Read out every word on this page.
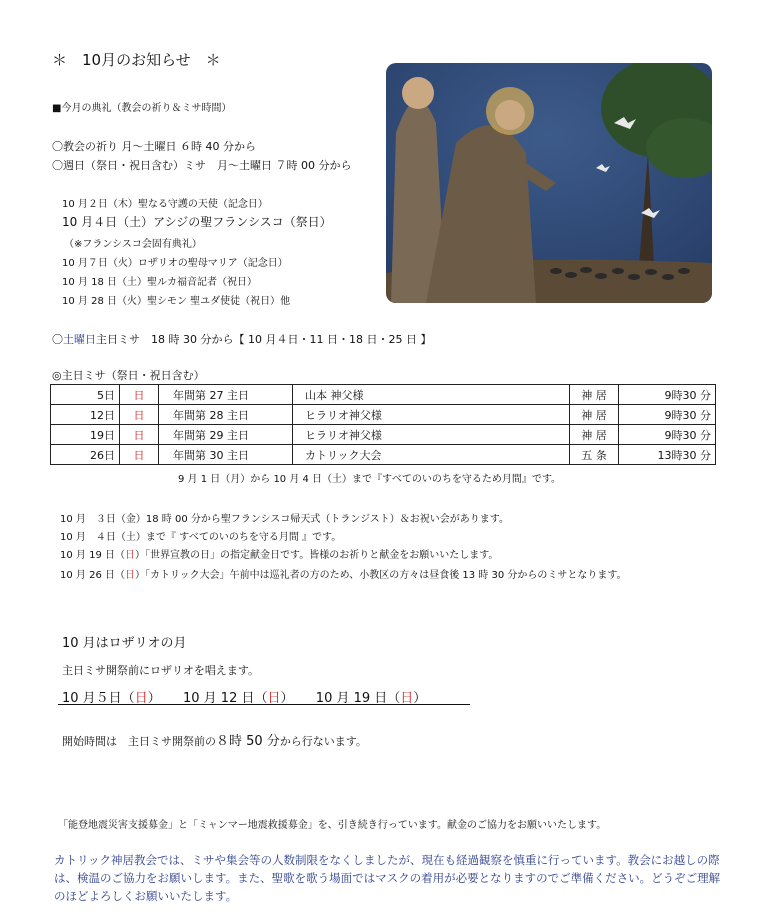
＊　10月のお知らせ　＊
■今月の典礼（教会の祈り＆ミサ時間）
〇教会の祈り 月〜土曜日 ６時 40 分から
〇週日（祭日・祝日含む）ミサ　月〜土曜日 ７時 00 分から
10 月２日（木）聖なる守護の天使（記念日）
10 月４日（土）アシジの聖フランシスコ（祭日）
（※フランシスコ会固有典礼）
10 月７日（火）ロザリオの聖母マリア（記念日）
10 月 18 日（土）聖ルカ福音記者（祝日）
10 月 28 日（火）聖シモン 聖ユダ使徒（祝日）他
〇土曜日主日ミサ　18 時 30 分から【 10 月４日・11 日・18 日・25 日 】
◎主日ミサ（祭日・祝日含む）
5日	日	年間第 27 主日	山本 神父様	神 居	9時30 分
12日	日	年間第 28 主日	ヒラリオ神父様	神 居	9時30 分
19日	日	年間第 29 主日	ヒラリオ神父様	神 居	9時30 分
26日	日	年間第 30 主日	カトリック大会	五 条	13時30 分
9 月 1 日（月）から 10 月 4 日（土）まで『すべてのいのちを守るため月間』です。
10 月　３日（金）18 時 00 分から聖フランシスコ帰天式（トランジスト）＆お祝い会があります。
10 月　４日（土）まで『 すべてのいのちを守る月間 』です。
10 月 19 日（日）「世界宣教の日」の指定献金日です。皆様のお祈りと献金をお願いいたします。
10 月 26 日（日）「カトリック大会」午前中は巡礼者の方のため、小教区の方々は昼食後 13 時 30 分からのミサとなります。
10 月はロザリオの月
主日ミサ開祭前にロザリオを唱えます。
10 月５日（日） 10 月 12 日（日） 10 月 19 日（日）
開始時間は　主日ミサ開祭前の８時 50 分から行ないます。
「能登地震災害支援募金」と「ミャンマー地震救援募金」を、引き続き行っています。献金のご協力をお願いいたします。
カトリック神居教会では、ミサや集会等の人数制限をなくしましたが、現在も経過観察を慎重に行っています。教会にお越しの際は、検温のご協力をお願いします。また、聖歌を歌う場面ではマスクの着用が必要となりますのでご準備ください。どうぞご理解のほどよろしくお願いいたします。
